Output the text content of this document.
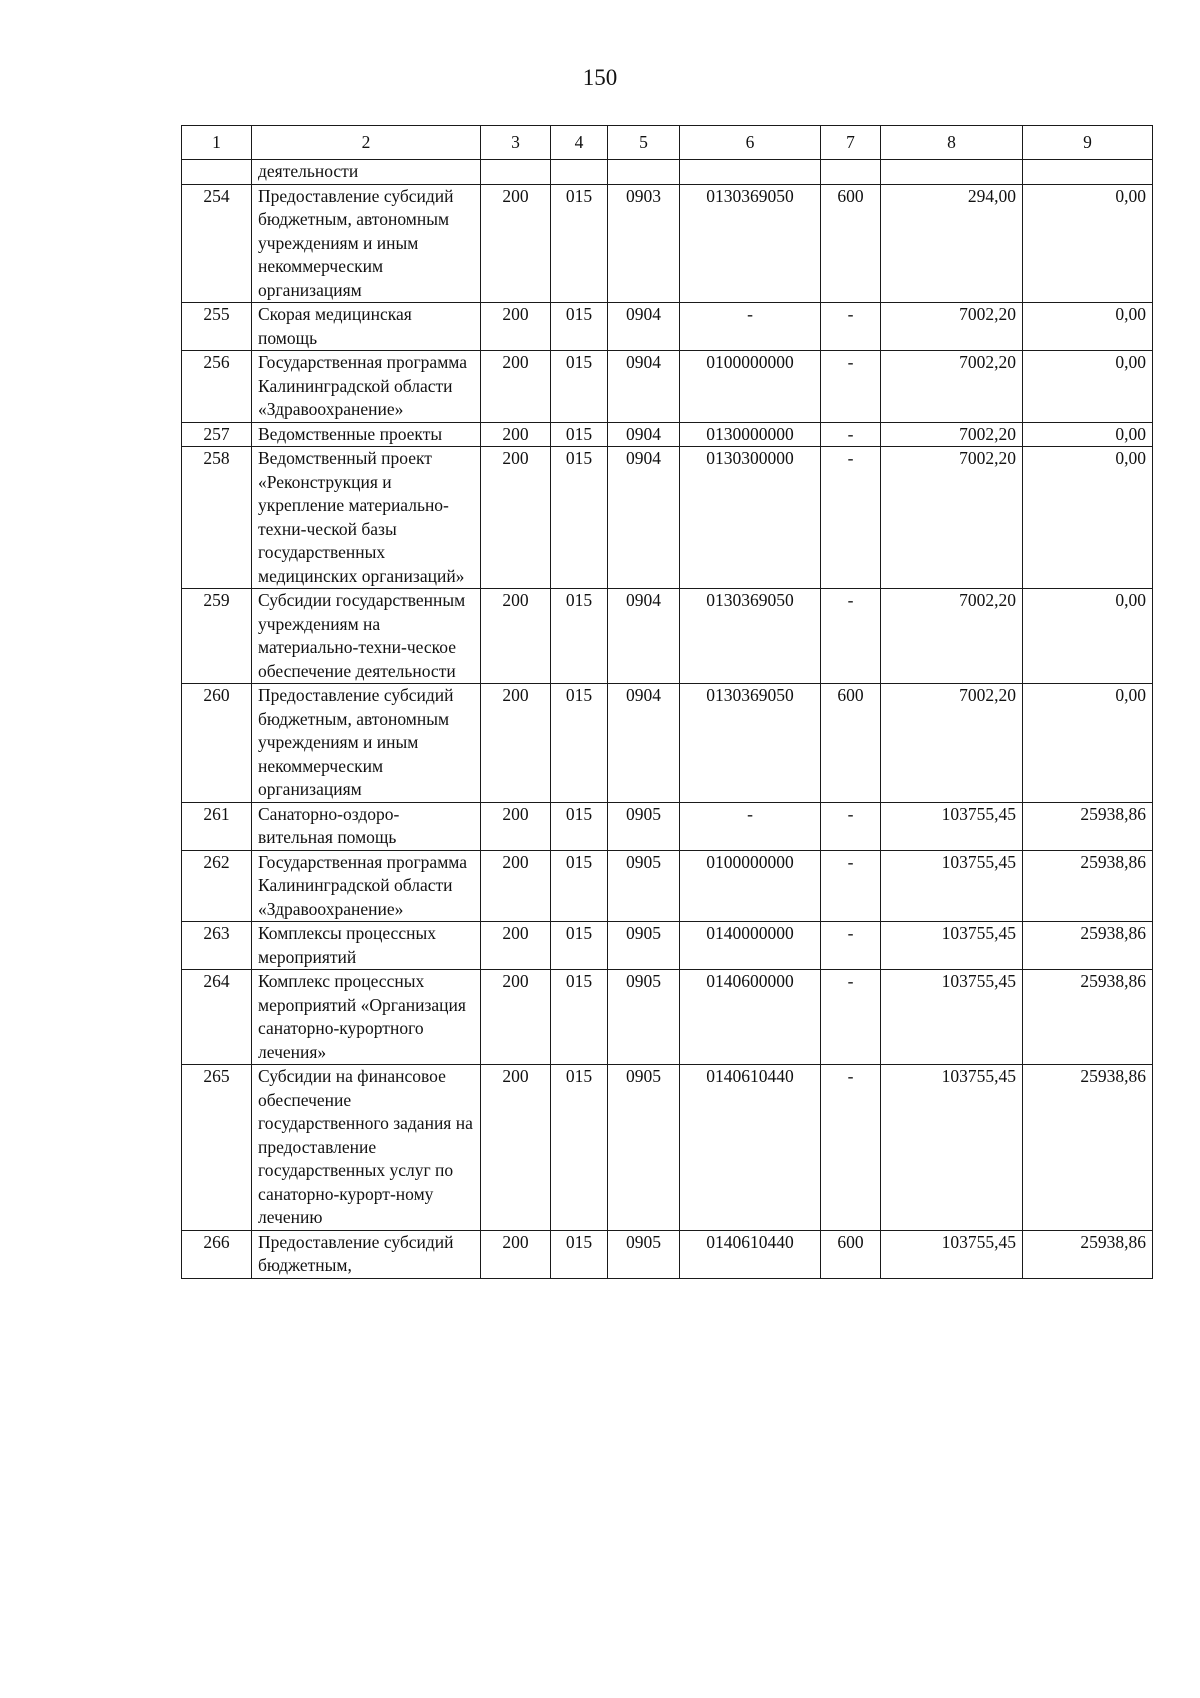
150
1	2	3	4	5	6	7	8	9
	деятельности							
254	Предоставление субсидий бюджетным, автономным учреждениям и иным некоммерческим организациям	200	015	0903	0130369050	600	294,00	0,00
255	Скорая медицинская помощь	200	015	0904	-	-	7002,20	0,00
256	Государственная программа Калининградской области «Здравоохранение»	200	015	0904	0100000000	-	7002,20	0,00
257	Ведомственные проекты	200	015	0904	0130000000	-	7002,20	0,00
258	Ведомственный проект «Реконструкция и укрепление материально-техни-ческой базы государственных медицинских организаций»	200	015	0904	0130300000	-	7002,20	0,00
259	Субсидии государственным учреждениям на материально-техни-ческое обеспечение деятельности	200	015	0904	0130369050	-	7002,20	0,00
260	Предоставление субсидий бюджетным, автономным учреждениям и иным некоммерческим организациям	200	015	0904	0130369050	600	7002,20	0,00
261	Санаторно-оздоро-вительная помощь	200	015	0905	-	-	103755,45	25938,86
262	Государственная программа Калининградской области «Здравоохранение»	200	015	0905	0100000000	-	103755,45	25938,86
263	Комплексы процессных мероприятий	200	015	0905	0140000000	-	103755,45	25938,86
264	Комплекс процессных мероприятий «Организация санаторно-курортного лечения»	200	015	0905	0140600000	-	103755,45	25938,86
265	Субсидии на финансовое обеспечение государственного задания на предоставление государственных услуг по санаторно-курорт-ному лечению	200	015	0905	0140610440	-	103755,45	25938,86
266	Предоставление субсидий бюджетным,	200	015	0905	0140610440	600	103755,45	25938,86
